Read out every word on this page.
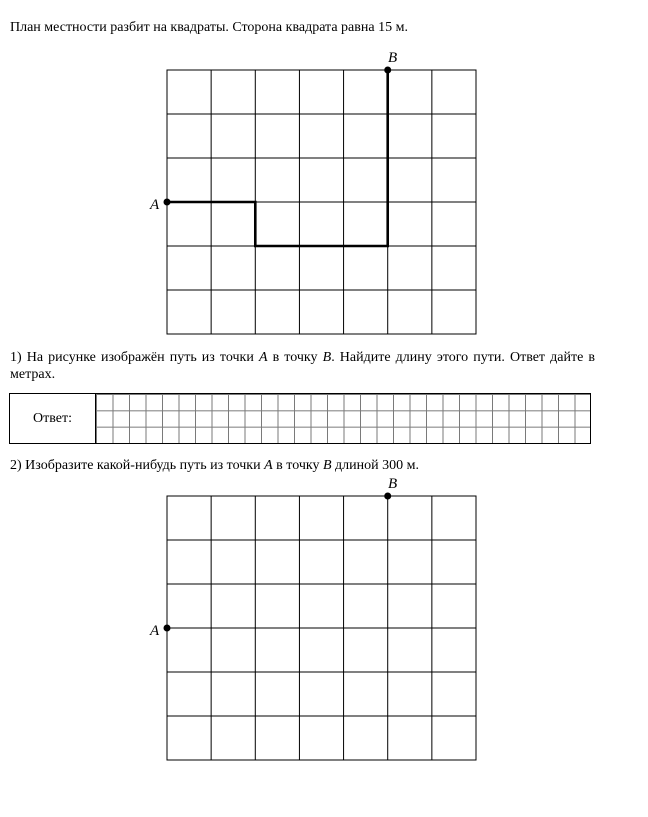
План местности разбит на квадраты. Сторона квадрата равна 15 м.
A
B
1) На рисунке изображён путь из точки A в точку B. Найдите длину этого пути. Ответ дайте в метрах.
Ответ:
2) Изобразите какой-нибудь путь из точки A в точку B длиной 300 м.
A
B
